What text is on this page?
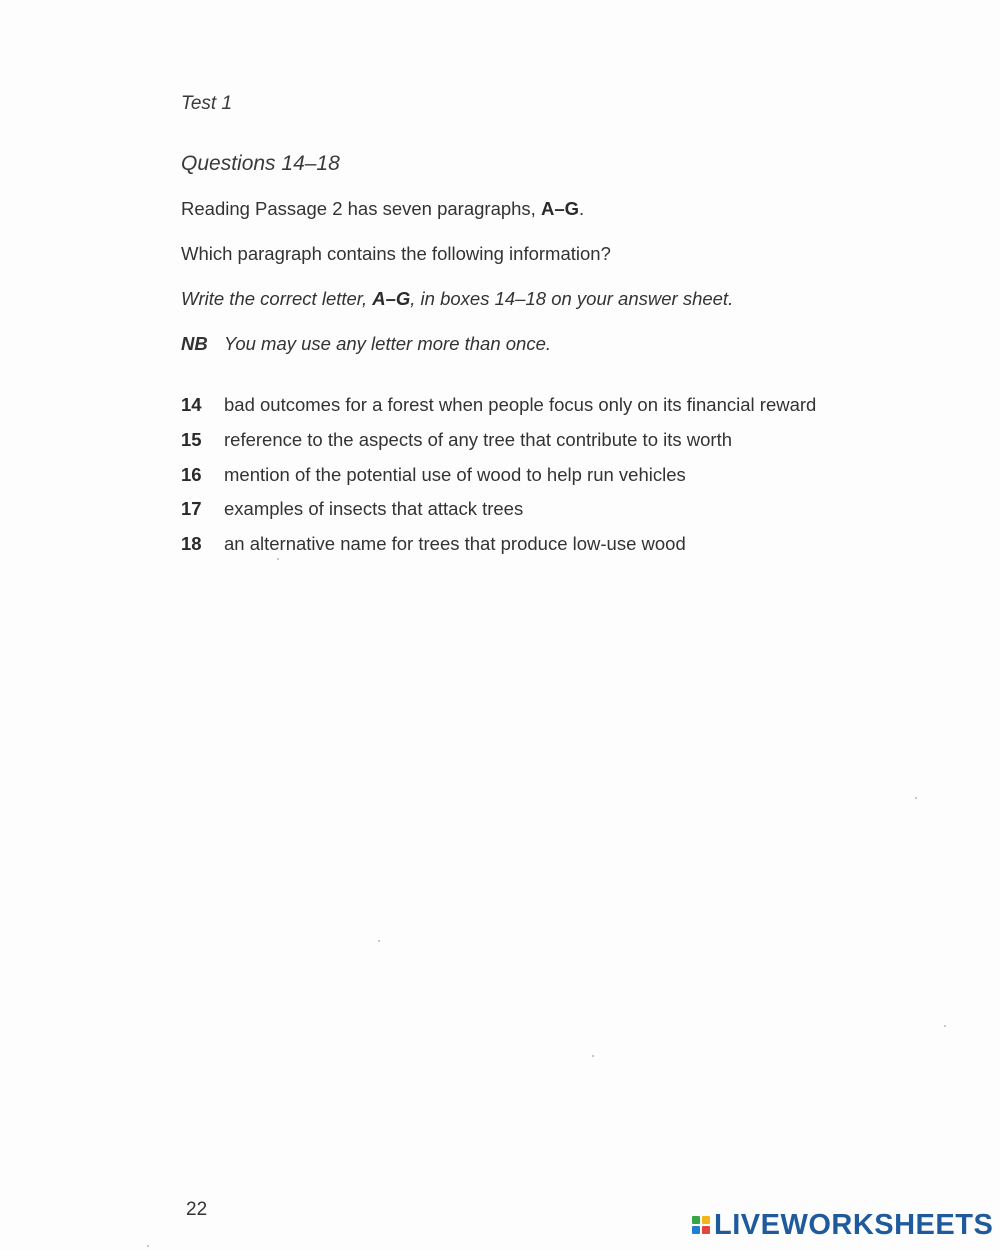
Test 1
Questions 14–18
Reading Passage 2 has seven paragraphs, A–G.
Which paragraph contains the following information?
Write the correct letter, A–G, in boxes 14–18 on your answer sheet.
NB You may use any letter more than once.
14	bad outcomes for a forest when people focus only on its financial reward
15	reference to the aspects of any tree that contribute to its worth
16	mention of the potential use of wood to help run vehicles
17	examples of insects that attack trees
18	an alternative name for trees that produce low-use wood
22	LIVEWORKSHEETS
